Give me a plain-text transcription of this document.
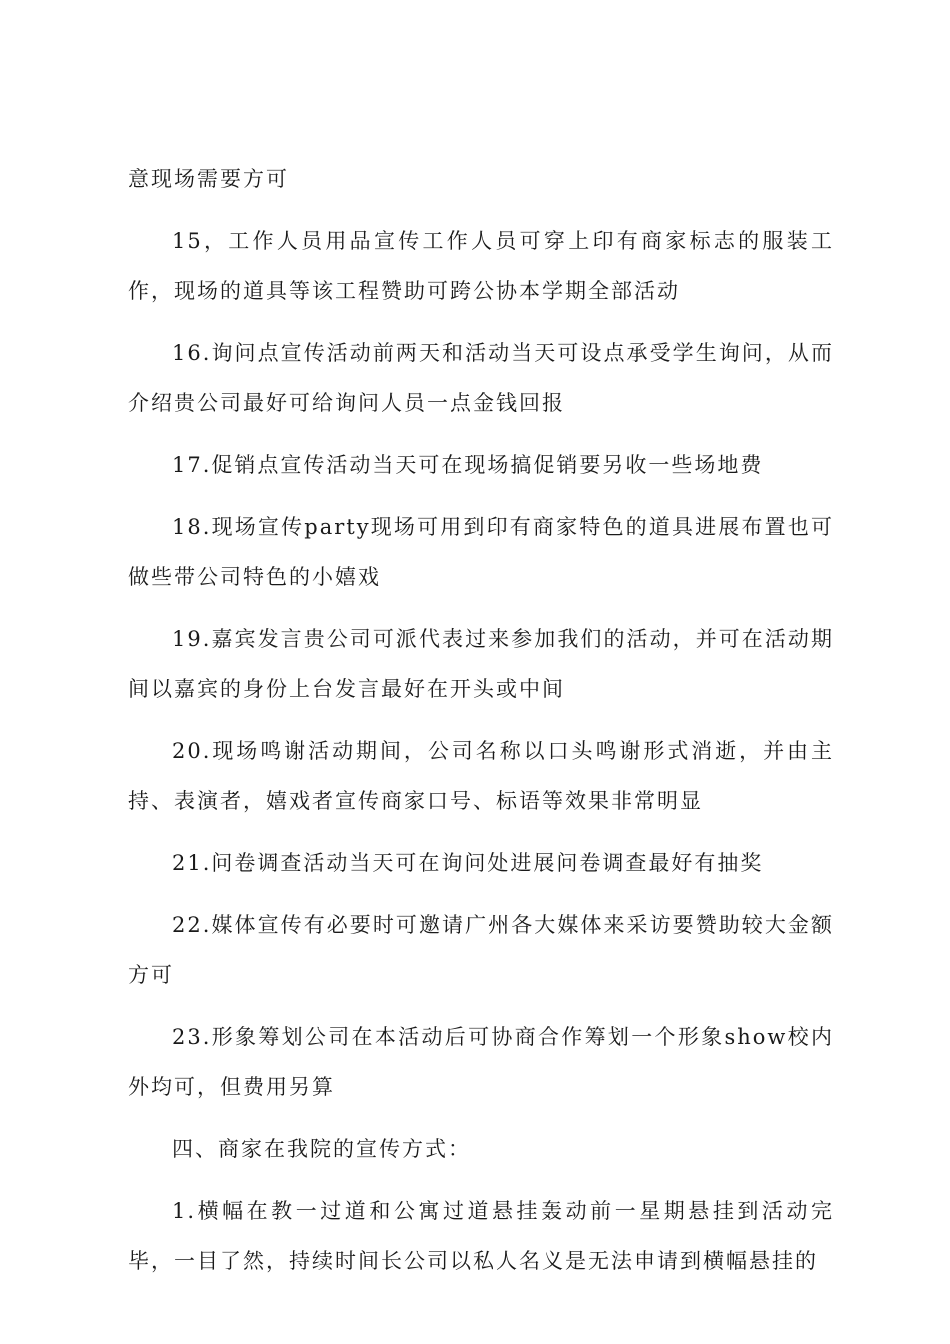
意现场需要方可

15，工作人员用品宣传工作人员可穿上印有商家标志的服装工作，现场的道具等该工程赞助可跨公协本学期全部活动

16.询问点宣传活动前两天和活动当天可设点承受学生询问，从而介绍贵公司最好可给询问人员一点金钱回报

17.促销点宣传活动当天可在现场搞促销要另收一些场地费

18.现场宣传party现场可用到印有商家特色的道具进展布置也可做些带公司特色的小嬉戏

19.嘉宾发言贵公司可派代表过来参加我们的活动，并可在活动期间以嘉宾的身份上台发言最好在开头或中间

20.现场鸣谢活动期间，公司名称以口头鸣谢形式消逝，并由主持、表演者，嬉戏者宣传商家口号、标语等效果非常明显

21.问卷调查活动当天可在询问处进展问卷调查最好有抽奖

22.媒体宣传有必要时可邀请广州各大媒体来采访要赞助较大金额方可

23.形象筹划公司在本活动后可协商合作筹划一个形象show校内外均可，但费用另算

四、商家在我院的宣传方式：

1.横幅在教一过道和公寓过道悬挂轰动前一星期悬挂到活动完毕，一目了然，持续时间长公司以私人名义是无法申请到横幅悬挂的
